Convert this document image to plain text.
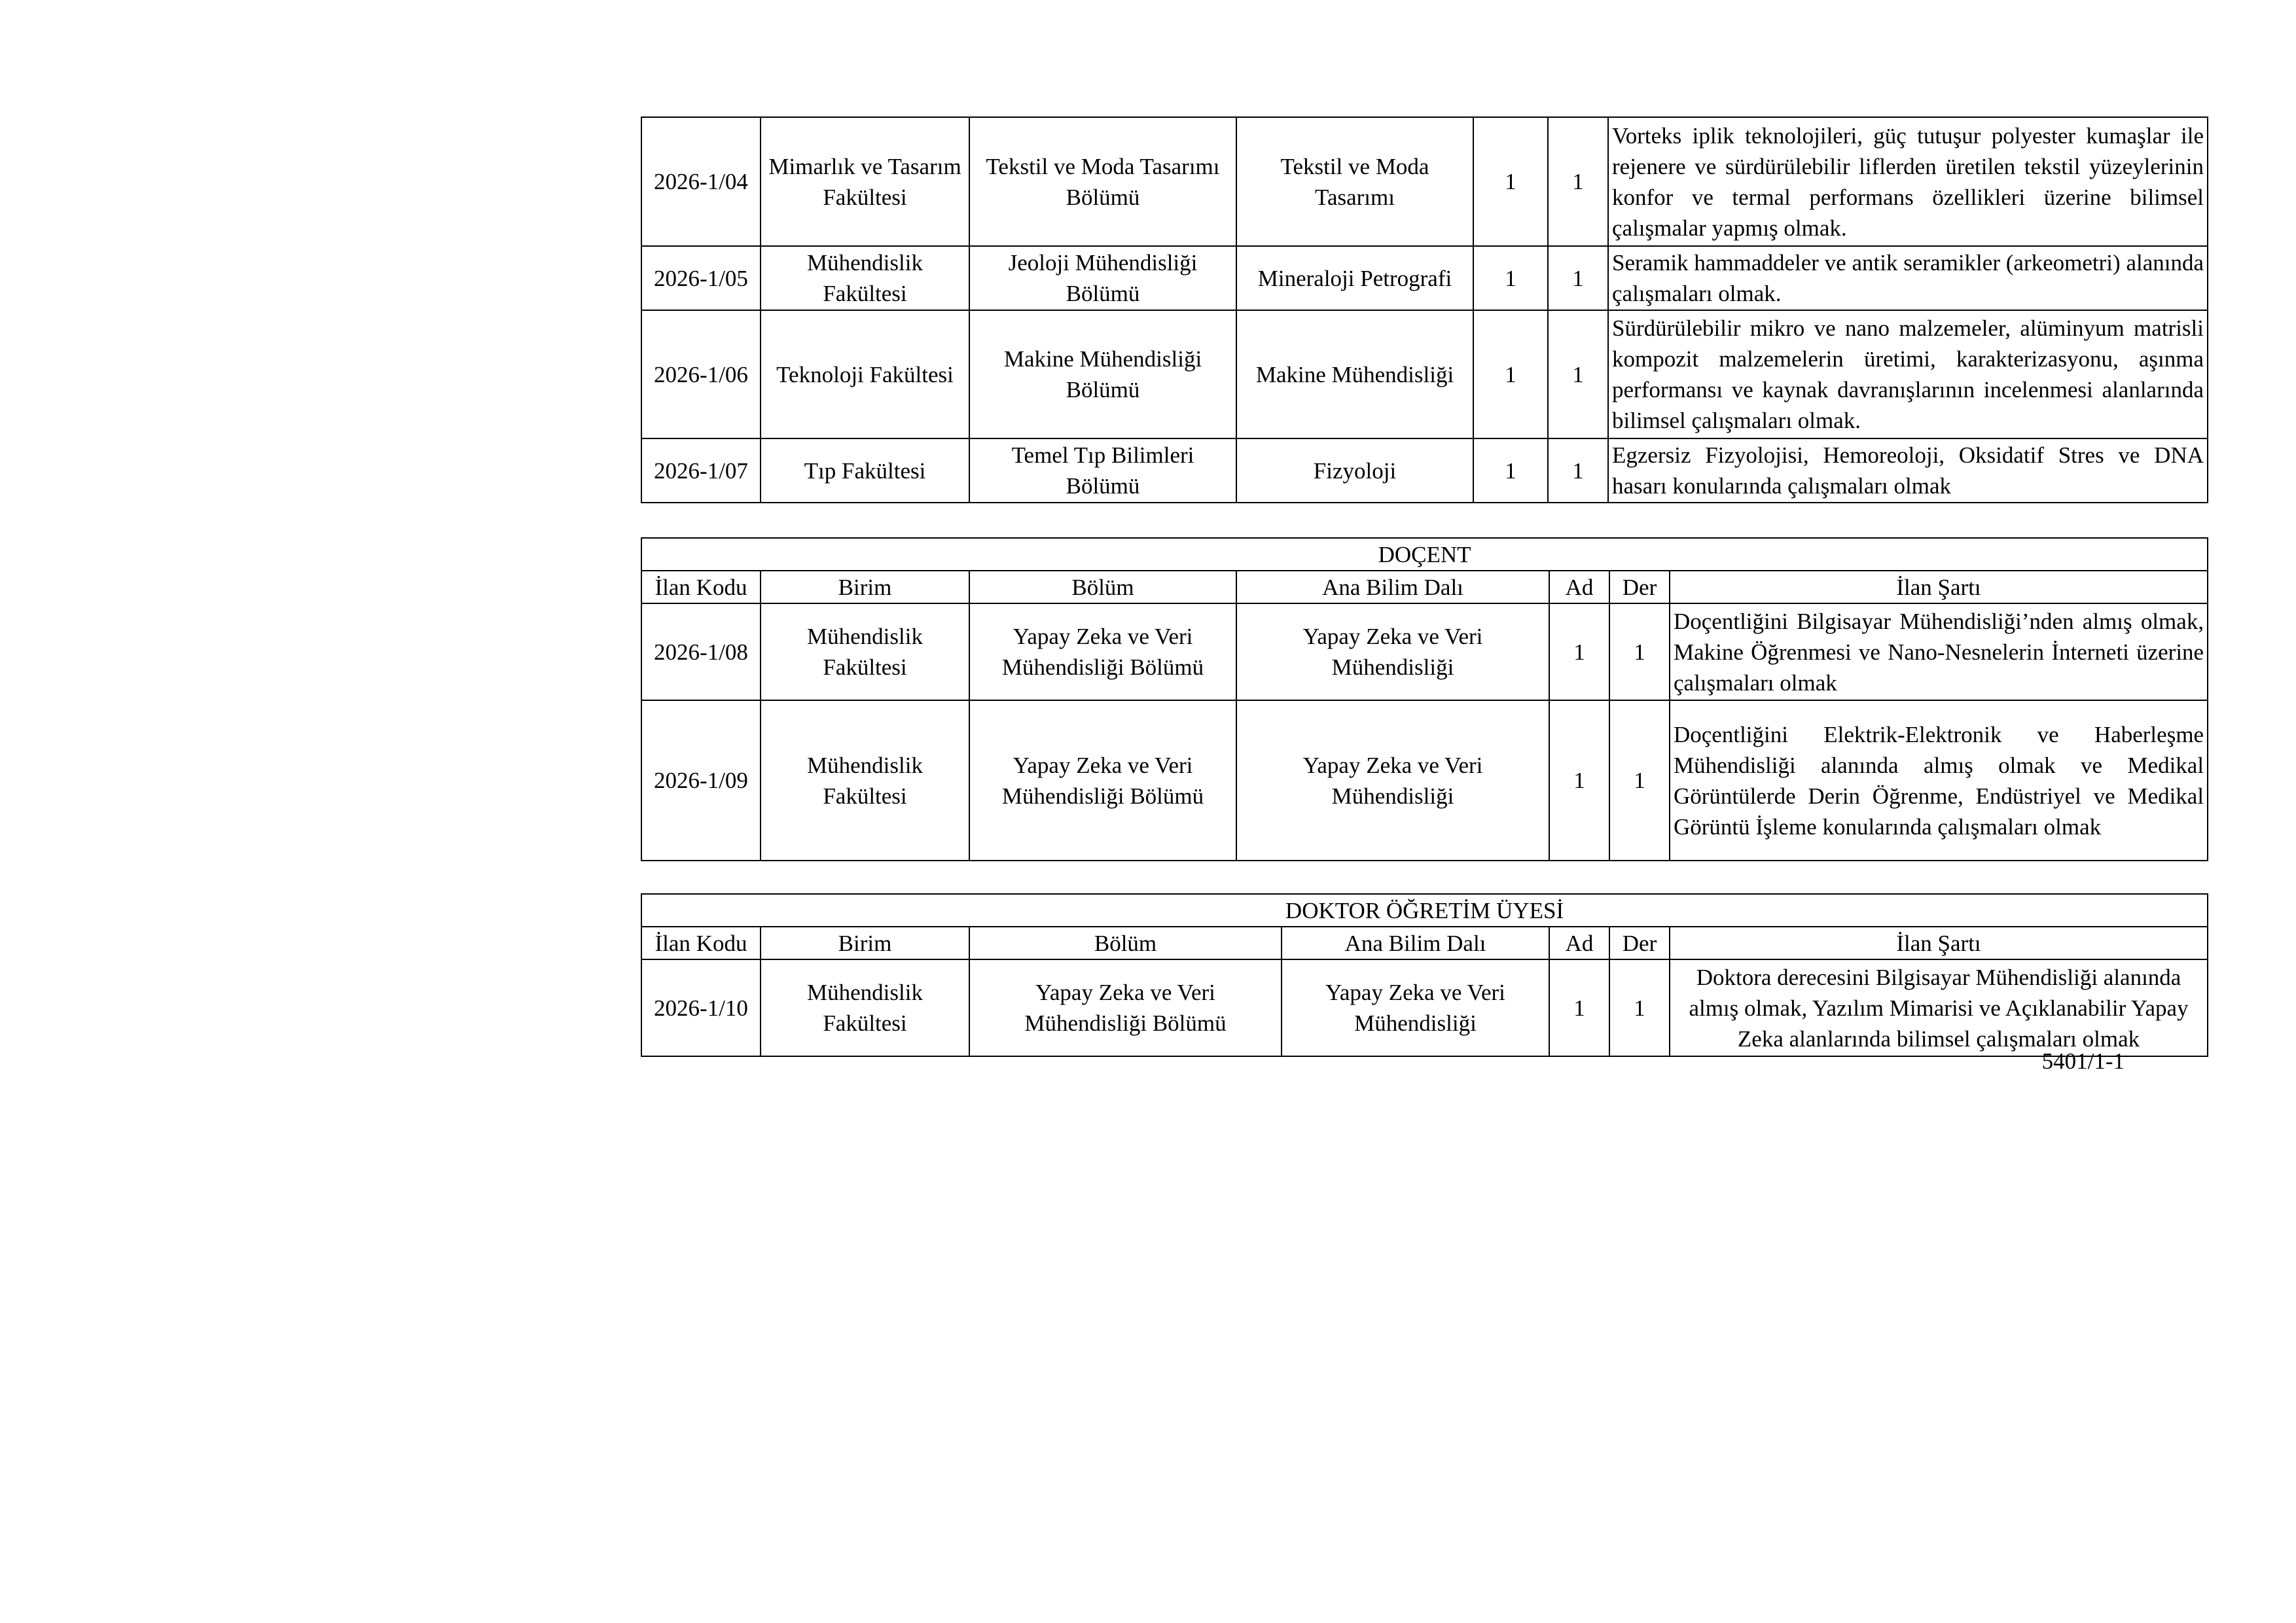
2026-1/04	Mimarlık ve Tasarım Fakültesi	Tekstil ve Moda Tasarımı Bölümü	Tekstil ve Moda Tasarımı	1	1	Vorteks iplik teknolojileri, güç tutuşur polyester kumaşlar ile rejenere ve sürdürülebilir liflerden üretilen tekstil yüzeylerinin konfor ve termal performans özellikleri üzerine bilimsel çalışmalar yapmış olmak.
2026-1/05	Mühendislik Fakültesi	Jeoloji Mühendisliği Bölümü	Mineraloji Petrografi	1	1	Seramik hammaddeler ve antik seramikler (arkeometri) alanında çalışmaları olmak.
2026-1/06	Teknoloji Fakültesi	Makine Mühendisliği Bölümü	Makine Mühendisliği	1	1	Sürdürülebilir mikro ve nano malzemeler, alüminyum matrisli kompozit malzemelerin üretimi, karakterizasyonu, aşınma performansı ve kaynak davranışlarının incelenmesi alanlarında bilimsel çalışmaları olmak.
2026-1/07	Tıp Fakültesi	Temel Tıp Bilimleri Bölümü	Fizyoloji	1	1	Egzersiz Fizyolojisi, Hemoreoloji, Oksidatif Stres ve DNA hasarı konularında çalışmaları olmak
DOÇENT						
İlan Kodu	Birim	Bölüm	Ana Bilim Dalı	Ad	Der	İlan Şartı
2026-1/08	Mühendislik Fakültesi	Yapay Zeka ve Veri Mühendisliği Bölümü	Yapay Zeka ve Veri Mühendisliği	1	1	Doçentliğini Bilgisayar Mühendisliği’nden almış olmak, Makine Öğrenmesi ve Nano-Nesnelerin İnterneti üzerine çalışmaları olmak
2026-1/09	Mühendislik Fakültesi	Yapay Zeka ve Veri Mühendisliği Bölümü	Yapay Zeka ve Veri Mühendisliği	1	1	Doçentliğini Elektrik-Elektronik ve Haberleşme Mühendisliği alanında almış olmak ve Medikal Görüntülerde Derin Öğrenme, Endüstriyel ve Medikal Görüntü İşleme konularında çalışmaları olmak
DOKTOR ÖĞRETİM ÜYESİ						
İlan Kodu	Birim	Bölüm	Ana Bilim Dalı	Ad	Der	İlan Şartı
2026-1/10	Mühendislik Fakültesi	Yapay Zeka ve Veri Mühendisliği Bölümü	Yapay Zeka ve Veri Mühendisliği	1	1	Doktora derecesini Bilgisayar Mühendisliği alanında almış olmak, Yazılım Mimarisi ve Açıklanabilir Yapay Zeka alanlarında bilimsel çalışmaları olmak
5401/1-1
